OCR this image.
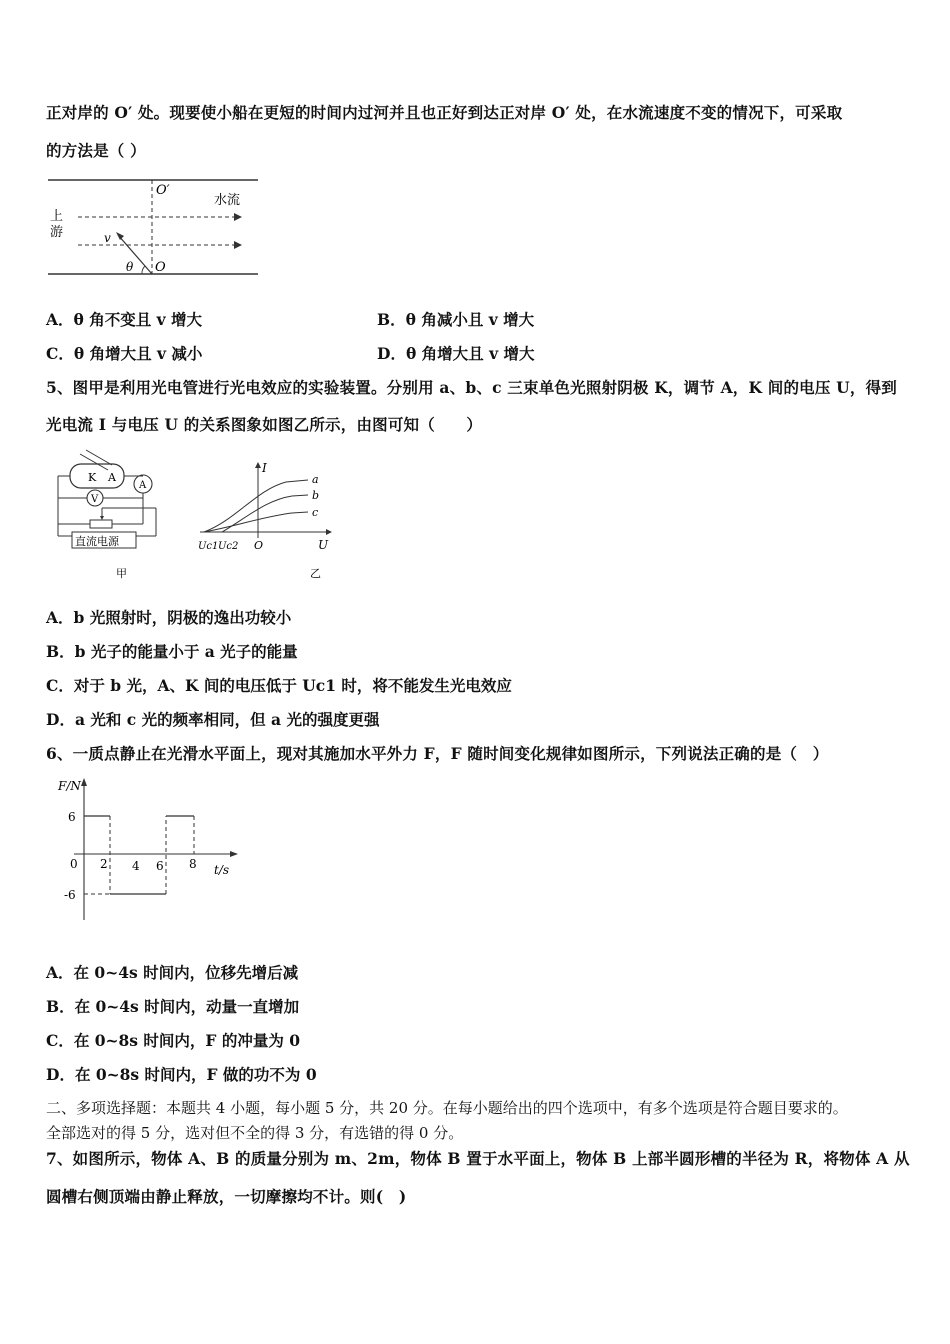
正对岸的 O′ 处。现要使小船在更短的时间内过河并且也正好到达正对岸 O′ 处，在水流速度不变的情况下，可采取
的方法是（ ）
O′
水流
上
游	v
θ O
A．θ 角不变且 v 增大	B．θ 角减小且 v 增大
C．θ 角增大且 v 减小	D．θ 角增大且 v 增大
5、图甲是利用光电管进行光电效应的实验装置。分别用 a、b、c 三束单色光照射阴极 K，调节 A，K 间的电压 U，得到
光电流 I 与电压 U 的关系图象如图乙所示，由图可知（　　）
K A
A
V
直流电源
甲
I
a
b
c
Uc1 Uc2 O	U
乙
A．b 光照射时，阴极的逸出功较小
B．b 光子的能量小于 a 光子的能量
C．对于 b 光，A、K 间的电压低于 Uc1 时，将不能发生光电效应
D．a 光和 c 光的频率相同，但 a 光的强度更强
6、一质点静止在光滑水平面上，现对其施加水平外力 F，F 随时间变化规律如图所示，下列说法正确的是（　）
F/N
t/s
6
0
-6
2 4 6 8
A．在 0~4s 时间内，位移先增后减
B．在 0~4s 时间内，动量一直增加
C．在 0~8s 时间内，F 的冲量为 0
D．在 0~8s 时间内，F 做的功不为 0
二、多项选择题：本题共 4 小题，每小题 5 分，共 20 分。在每小题给出的四个选项中，有多个选项是符合题目要求的。
全部选对的得 5 分，选对但不全的得 3 分，有选错的得 0 分。
7、如图所示，物体 A、B 的质量分别为 m、2m，物体 B 置于水平面上，物体 B 上部半圆形槽的半径为 R，将物体 A 从
圆槽右侧顶端由静止释放，一切摩擦均不计。则(　)
